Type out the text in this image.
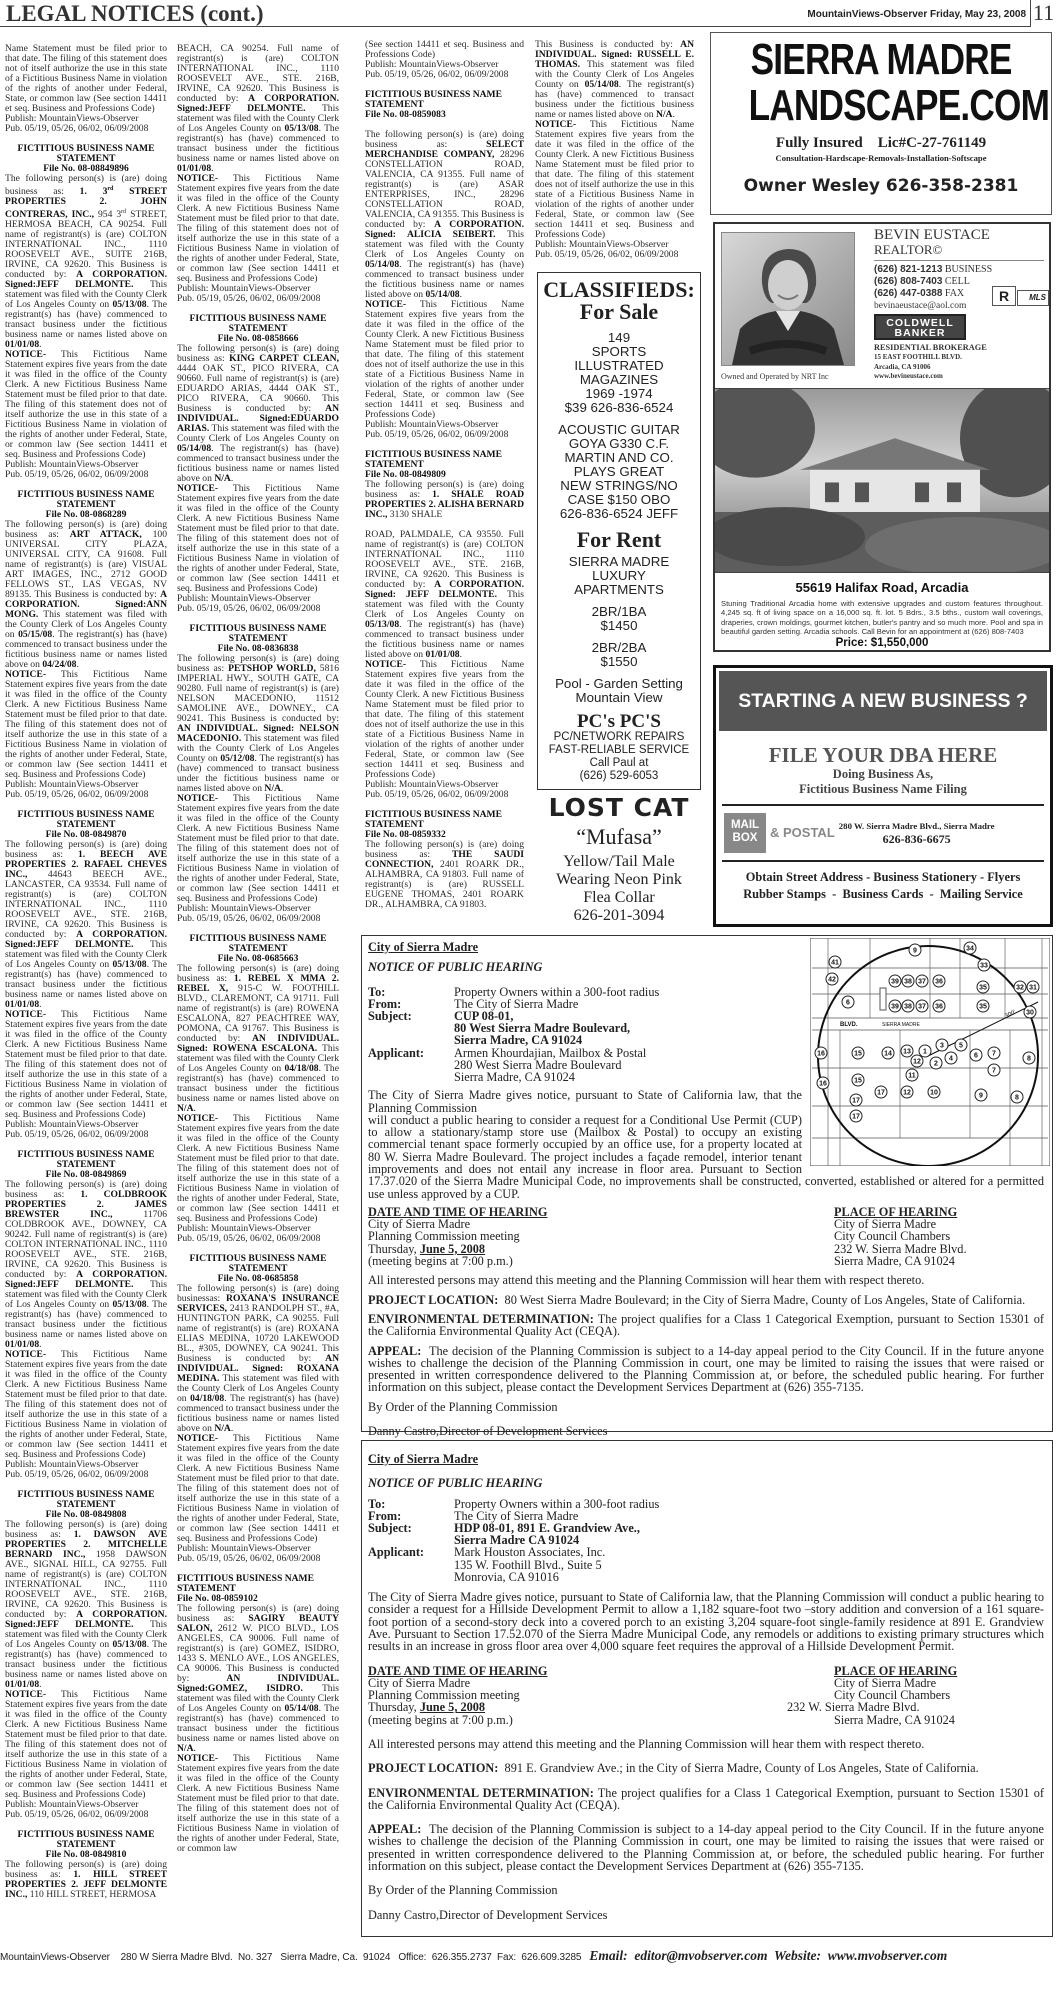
LEGAL NOTICES (cont.)	MountainViews-Observer Friday, May 23, 2008 11
Name Statement must be filed prior to that date. The filing of this statement does not of itself authorize the use in this state of a Fictitious Business Name in violation of the rights of another under Federal, State, or common law (See section 14411 et seq. Business and Professions Code)
Publish: MountainViews-Observer
Pub. 05/19, 05/26, 06/02, 06/09/2008
FICTITIOUS BUSINESS NAME
STATEMENT
File No. 08-08849896
The following person(s) is (are) doing business as: 1. 3rd STREET PROPERTIES 2. JOHN CONTRERAS, INC., 954 3rd STREET, HERMOSA BEACH, CA 90254. Full name of registrant(s) is (are) COLTON INTERNATIONAL INC., 1110 ROOSEVELT AVE., SUITE 216B, IRVINE, CA 92620. This Business is conducted by: A CORPORATION. Signed:JEFF DELMONTE. This statement was filed with the County Clerk of Los Angeles County on 05/13/08. The registrant(s) has (have) commenced to transact business under the fictitious business name or names listed above on 01/01/08.
NOTICE- This Fictitious Name Statement expires five years from the date it was filed in the office of the County Clerk. A new Fictitious Business Name Statement must be filed prior to that date. The filing of this statement does not of itself authorize the use in this state of a Fictitious Business Name in violation of the rights of another under Federal, State, or common law (See section 14411 et seq. Business and Professions Code)
Publish: MountainViews-Observer
Pub. 05/19, 05/26, 06/02, 06/09/2008
FICTITIOUS BUSINESS NAME
STATEMENT
File No. 08-0868289
The following person(s) is (are) doing business as: ART ATTACK, 100 UNIVERSAL CITY PLAZA, UNIVERSAL CITY, CA 91608. Full name of registrant(s) is (are) VISUAL ART IMAGES, INC., 2712 GOOD FELLOWS ST., LAS VEGAS, NV 89135. This Business is conducted by: A CORPORATION. Signed:ANN MONG. This statement was filed with the County Clerk of Los Angeles County on 05/15/08. The registrant(s) has (have) commenced to transact business under the fictitious business name or names listed above on 04/24/08.
NOTICE- This Fictitious Name Statement expires five years from the date it was filed in the office of the County Clerk. A new Fictitious Business Name Statement must be filed prior to that date. The filing of this statement does not of itself authorize the use in this state of a Fictitious Business Name in violation of the rights of another under Federal, State, or common law (See section 14411 et seq. Business and Professions Code)
Publish: MountainViews-Observer
Pub. 05/19, 05/26, 06/02, 06/09/2008
FICTITIOUS BUSINESS NAME
STATEMENT
File No. 08-0849870
The following person(s) is (are) doing business as: 1. BEECH AVE PROPERTIES 2. RAFAEL CHEVES INC., 44643 BEECH AVE., LANCASTER, CA 93534. Full name of registrant(s) is (are) COLTON INTERNATIONAL INC., 1110 ROOSEVELT AVE., STE. 216B, IRVINE, CA 92620. This Business is conducted by: A CORPORATION. Signed:JEFF DELMONTE. This statement was filed with the County Clerk of Los Angeles County on 05/13/08. The registrant(s) has (have) commenced to transact business under the fictitious business name or names listed above on 01/01/08.
NOTICE- This Fictitious Name Statement expires five years from the date it was filed in the office of the County Clerk. A new Fictitious Business Name Statement must be filed prior to that date. The filing of this statement does not of itself authorize the use in this state of a Fictitious Business Name in violation of the rights of another under Federal, State, or common law (See section 14411 et seq. Business and Professions Code)
Publish: MountainViews-Observer
Pub. 05/19, 05/26, 06/02, 06/09/2008
FICTITIOUS BUSINESS NAME
STATEMENT
File No. 08-0849869
The following person(s) is (are) doing business as: 1. COLDBROOK PROPERTIES 2. JAMES BREWSTER INC., 11706 COLDBROOK AVE., DOWNEY, CA 90242. Full name of registrant(s) is (are) COLTON INTERNATIONAL INC., 1110 ROOSEVELT AVE., STE. 216B, IRVINE, CA 92620. This Business is conducted by: A CORPORATION. Signed:JEFF DELMONTE. This statement was filed with the County Clerk of Los Angeles County on 05/13/08. The registrant(s) has (have) commenced to transact business under the fictitious business name or names listed above on 01/01/08.
NOTICE- This Fictitious Name Statement expires five years from the date it was filed in the office of the County Clerk. A new Fictitious Business Name Statement must be filed prior to that date. The filing of this statement does not of itself authorize the use in this state of a Fictitious Business Name in violation of the rights of another under Federal, State, or common law (See section 14411 et seq. Business and Professions Code)
Publish: MountainViews-Observer
Pub. 05/19, 05/26, 06/02, 06/09/2008
FICTITIOUS BUSINESS NAME
STATEMENT
File No. 08-0849808
The following person(s) is (are) doing business as: 1. DAWSON AVE PROPERTIES 2. MITCHELLE BERNARD INC., 1958 DAWSON AVE., SIGNAL HILL, CA 92755. Full name of registrant(s) is (are) COLTON INTERNATIONAL INC., 1110 ROOSEVELT AVE., STE. 216B, IRVINE, CA 92620. This Business is conducted by: A CORPORATION. Signed:JEFF DELMONTE. This statement was filed with the County Clerk of Los Angeles County on 05/13/08. The registrant(s) has (have) commenced to transact business under the fictitious business name or names listed above on 01/01/08.
NOTICE- This Fictitious Name Statement expires five years from the date it was filed in the office of the County Clerk. A new Fictitious Business Name Statement must be filed prior to that date. The filing of this statement does not of itself authorize the use in this state of a Fictitious Business Name in violation of the rights of another under Federal, State, or common law (See section 14411 et seq. Business and Professions Code)
Publish: MountainViews-Observer
Pub. 05/19, 05/26, 06/02, 06/09/2008
FICTITIOUS BUSINESS NAME
STATEMENT
File No. 08-0849810
The following person(s) is (are) doing business as: 1. HILL STREET PROPERTIES 2. JEFF DELMONTE INC., 110 HILL STREET, HERMOSA
BEACH, CA 90254. Full name of registrant(s) is (are) COLTON INTERNATIONAL INC., 1110 ROOSEVELT AVE., STE. 216B, IRVINE, CA 92620. This Business is conducted by: A CORPORATION. Signed:JEFF DELMONTE. This statement was filed with the County Clerk of Los Angeles County on 05/13/08. The registrant(s) has (have) commenced to transact business under the fictitious business name or names listed above on 01/01/08.
NOTICE- This Fictitious Name Statement expires five years from the date it was filed in the office of the County Clerk. A new Fictitious Business Name Statement must be filed prior to that date. The filing of this statement does not of itself authorize the use in this state of a Fictitious Business Name in violation of the rights of another under Federal, State, or common law (See section 14411 et seq. Business and Professions Code)
Publish: MountainViews-Observer
Pub. 05/19, 05/26, 06/02, 06/09/2008
FICTITIOUS BUSINESS NAME
STATEMENT
File No. 08-0858666
The following person(s) is (are) doing business as: KING CARPET CLEAN, 4444 OAK ST., PICO RIVERA, CA 90660. Full name of registrant(s) is (are) EDUARDO ARIAS, 4444 OAK ST., PICO RIVERA, CA 90660. This Business is conducted by: AN INDIVIDUAL. Signed:EDUARDO ARIAS. This statement was filed with the County Clerk of Los Angeles County on 05/14/08. The registrant(s) has (have) commenced to transact business under the fictitious business name or names listed above on N/A.
NOTICE- This Fictitious Name Statement expires five years from the date it was filed in the office of the County Clerk. A new Fictitious Business Name Statement must be filed prior to that date. The filing of this statement does not of itself authorize the use in this state of a Fictitious Business Name in violation of the rights of another under Federal, State, or common law (See section 14411 et seq. Business and Professions Code)
Publish: MountainViews-Observer
Pub. 05/19, 05/26, 06/02, 06/09/2008
FICTITIOUS BUSINESS NAME
STATEMENT
File No. 08-0836838
The following person(s) is (are) doing business as: PETSHOP WORLD, 5816 IMPERIAL HWY., SOUTH GATE, CA 90280. Full name of registrant(s) is (are) NELSON MACEDONIO, 11512 SAMOLINE AVE., DOWNEY., CA 90241. This Business is conducted by: AN INDIVIDUAL. Signed: NELSON MACEDONIO. This statement was filed with the County Clerk of Los Angeles County on 05/12/08. The registrant(s) has (have) commenced to transact business under the fictitious business name or names listed above on N/A.
NOTICE- This Fictitious Name Statement expires five years from the date it was filed in the office of the County Clerk. A new Fictitious Business Name Statement must be filed prior to that date. The filing of this statement does not of itself authorize the use in this state of a Fictitious Business Name in violation of the rights of another under Federal, State, or common law (See section 14411 et seq. Business and Professions Code)
Publish: MountainViews-Observer
Pub. 05/19, 05/26, 06/02, 06/09/2008
FICTITIOUS BUSINESS NAME
STATEMENT
File No. 08-0685663
The following person(s) is (are) doing business as: 1. REBEL X MMA 2. REBEL X, 915-C W. FOOTHILL BLVD., CLAREMONT, CA 91711. Full name of registrant(s) is (are) ROWENA ESCALONA, 827 PEACHTREE WAY, POMONA, CA 91767. This Business is conducted by: AN INDIVIDUAL. Signed: ROWENA ESCALONA. This statement was filed with the County Clerk of Los Angeles County on 04/18/08. The registrant(s) has (have) commenced to transact business under the fictitious business name or names listed above on N/A.
NOTICE- This Fictitious Name Statement expires five years from the date it was filed in the office of the County Clerk. A new Fictitious Business Name Statement must be filed prior to that date. The filing of this statement does not of itself authorize the use in this state of a Fictitious Business Name in violation of the rights of another under Federal, State, or common law (See section 14411 et seq. Business and Professions Code)
Publish: MountainViews-Observer
Pub. 05/19, 05/26, 06/02, 06/09/2008
FICTITIOUS BUSINESS NAME
STATEMENT
File No. 08-0685858
The following person(s) is (are) doing businessas: ROXANA'S INSURANCE SERVICES, 2413 RANDOLPH ST., #A, HUNTINGTON PARK, CA 90255. Full name of registrant(s) is (are) ROXANA ELIAS MEDINA, 10720 LAKEWOOD BL., #305, DOWNEY, CA 90241. This Business is conducted by: AN INDIVIDUAL. Signed: ROXANA MEDINA. This statement was filed with the County Clerk of Los Angeles County on 04/18/08. The registrant(s) has (have) commenced to transact business under the fictitious business name or names listed above on N/A.
NOTICE- This Fictitious Name Statement expires five years from the date it was filed in the office of the County Clerk. A new Fictitious Business Name Statement must be filed prior to that date. The filing of this statement does not of itself authorize the use in this state of a Fictitious Business Name in violation of the rights of another under Federal, State, or common law (See section 14411 et seq. Business and Professions Code)
Publish: MountainViews-Observer
Pub. 05/19, 05/26, 06/02, 06/09/2008
FICTITIOUS BUSINESS NAME
STATEMENT
File No. 08-0859102
The following person(s) is (are) doing business as: SAGIRY BEAUTY SALON, 2612 W. PICO BLVD., LOS ANGELES, CA 90006. Full name of registrant(s) is (are) GOMEZ, ISIDRO, 1433 S. MENLO AVE., LOS ANGELES, CA 90006. This Business is conducted by: AN INDIVIDUAL. Signed:GOMEZ, ISIDRO. This statement was filed with the County Clerk of Los Angeles County on 05/14/08. The registrant(s) has (have) commenced to transact business under the fictitious business name or names listed above on N/A.
NOTICE- This Fictitious Name Statement expires five years from the date it was filed in the office of the County Clerk. A new Fictitious Business Name Statement must be filed prior to that date. The filing of this statement does not of itself authorize the use in this state of a Fictitious Business Name in violation of the rights of another under Federal, State, or common law
(See section 14411 et seq. Business and Professions Code)
Publish: MountainViews-Observer
Pub. 05/19, 05/26, 06/02, 06/09/2008
FICTITIOUS BUSINESS NAME
STATEMENT
File No. 08-0859083
The following person(s) is (are) doing business as: SELECT MERCHANDISE COMPANY, 28296 CONSTELLATION ROAD, VALENCIA, CA 91355. Full name of registrant(s) is (are) ASAR ENTERPRISES, INC., 28296 CONSTELLATION ROAD, VALENCIA, CA 91355. This Business is conducted by: A CORPORATION. Signed: ALICIA SEIBERT. This statement was filed with the County Clerk of Los Angeles County on 05/14/08. The registrant(s) has (have) commenced to transact business under the fictitious business name or names listed above on 05/14/08.
NOTICE- This Fictitious Name Statement expires five years from the date it was filed in the office of the County Clerk. A new Fictitious Business Name Statement must be filed prior to that date. The filing of this statement does not of itself authorize the use in this state of a Fictitious Business Name in violation of the rights of another under Federal, State, or common law (See section 14411 et seq. Business and Professions Code)
Publish: MountainViews-Observer
Pub. 05/19, 05/26, 06/02, 06/09/2008
FICTITIOUS BUSINESS NAME
STATEMENT
File No. 08-0849809
The following person(s) is (are) doing business as: 1. SHALE ROAD PROPERTIES 2. ALISHA BERNARD INC., 3130 SHALE
ROAD, PALMDALE, CA 93550. Full name of registrant(s) is (are) COLTON INTERNATIONAL INC., 1110 ROOSEVELT AVE., STE. 216B, IRVINE, CA 92620. This Business is conducted by: A CORPORATION. Signed: JEFF DELMONTE. This statement was filed with the County Clerk of Los Angeles County on 05/13/08. The registrant(s) has (have) commenced to transact business under the fictitious business name or names listed above on 01/01/08.
NOTICE- This Fictitious Name Statement expires five years from the date it was filed in the office of the County Clerk. A new Fictitious Business Name Statement must be filed prior to that date. The filing of this statement does not of itself authorize the use in this state of a Fictitious Business Name in violation of the rights of another under Federal, State, or common law (See section 14411 et seq. Business and Professions Code)
Publish: MountainViews-Observer
Pub. 05/19, 05/26, 06/02, 06/09/2008
FICTITIOUS BUSINESS NAME
STATEMENT
File No. 08-0859332
The following person(s) is (are) doing business as: THE SAUDI CONNECTION, 2401 ROARK DR., ALHAMBRA, CA 91803. Full name of registrant(s) is (are) RUSSELL EUGENE THOMAS, 2401 ROARK DR., ALHAMBRA, CA 91803.
This Business is conducted by: AN INDIVIDUAL. Signed: RUSSELL E. THOMAS. This statement was filed with the County Clerk of Los Angeles County on 05/14/08. The registrant(s) has (have) commenced to transact business under the fictitious business name or names listed above on N/A.
NOTICE- This Fictitious Name Statement expires five years from the date it was filed in the office of the County Clerk. A new Fictitious Business Name Statement must be filed prior to that date. The filing of this statement does not of itself authorize the use in this state of a Fictitious Business Name in violation of the rights of another under Federal, State, or common law (See section 14411 et seq. Business and Professions Code)
Publish: MountainViews-Observer
Pub. 05/19, 05/26, 06/02, 06/09/2008
CLASSIFIEDS:
For Sale
149
SPORTS
ILLUSTRATED
MAGAZINES
1969 -1974
$39 626-836-6524
ACOUSTIC GUITAR
GOYA G330 C.F.
MARTIN AND CO.
PLAYS GREAT
NEW STRINGS/NO
CASE $150 OBO
626-836-6524 JEFF
For Rent
SIERRA MADRE
LUXURY
APARTMENTS
2BR/1BA
$1450
2BR/2BA
$1550
Pool - Garden Setting
Mountain View
PC's PC'S
PC/NETWORK REPAIRS
FAST-RELIABLE SERVICE
Call Paul at
(626) 529-6053
LOST CAT
“Mufasa”
Yellow/Tail Male
Wearing Neon Pink
Flea Collar
626-201-3094
SIERRA MADRE
LANDSCAPE.COM
Fully Insured    Lic#C-27-761149
Consultation-Hardscape-Removals-Installation-Softscape
Owner Wesley 626-358-2381
Owned and Operated by NRT Inc
BEVIN EUSTACE
REALTOR©
(626) 821-1213 BUSINESS
(626) 808-7403 CELL
(626) 447-0388 FAX
bevinaeustace@aol.com
COLDWELL
BANKER
RESIDENTIAL BROKERAGE
15 EAST FOOTHILL BLVD.
Arcadia, CA 91006
www.bevineustace.com
R	MLS
55619 Halifax Road, Arcadia
Stuning Traditional Arcadia home with extensive upgrades and custom features throughout. 4,245 sq. ft of living space on a 16,000 sq. ft. lot. 5 Bdrs., 3.5 bths., custom wall coverings, draperies, crown moldings, gourmet kitchen, butler's pantry and so much more. Pool and spa in beautiful garden setting. Arcadia schools. Call Bevin for an appointment at (626) 808-7403
Price: $1,550,000
STARTING A NEW BUSINESS ?
FILE YOUR DBA HERE
Doing Business As,
Fictitious Business Name Filing
MAIL
BOX & POSTAL 280 W. Sierra Madre Blvd., Sierra Madre
626-836-6675
Obtain Street Address - Business Stationery - Flyers
Rubber Stamps  -  Business Cards  -  Mailing Service
9	34
33
41
42
6
39 38 37 36
35	32 31
30
39 38 37 36	35
16	15	14 13 1
3 5
6 7
8
12 2
4
7
16	15
11
17
17	12	10	9	8
17
BLVD.	SIERRA MADRE
300'
City of Sierra Madre
NOTICE OF PUBLIC HEARING
To:	Property Owners within a 300-foot radius
From:	The City of Sierra Madre
Subject:	CUP 08-01,
80 West Sierra Madre Boulevard,
Sierra Madre, CA 91024

Applicant:	Armen Khourdajian, Mailbox & Postal
280 West Sierra Madre Boulevard
Sierra Madre, CA 91024
The City of Sierra Madre gives notice, pursuant to State of California law, that the Planning Commission
will conduct a public hearing to consider a request for a Conditional Use Permit (CUP) to allow a stationary/stamp store use (Mailbox & Postal) to occupy an existing commercial tenant space formerly occupied by an office use, for a property located at 80 W. Sierra Madre Boulevard. The project includes a façade remodel, interior tenant improvements and does not entail any increase in floor area. Pursuant to Section 17.37.020 of the Sierra Madre Municipal Code, no improvements shall be constructed, converted, established or altered for a permitted use unless approved by a CUP.
DATE AND TIME OF HEARING
City of Sierra Madre
Planning Commission meeting
Thursday, June 5, 2008
(meeting begins at 7:00 p.m.)
PLACE OF HEARING
City of Sierra Madre
City Council Chambers
232 W. Sierra Madre Blvd.
Sierra Madre, CA 91024
All interested persons may attend this meeting and the Planning Commission will hear them with respect thereto.
PROJECT LOCATION: 80 West Sierra Madre Boulevard; in the City of Sierra Madre, County of Los Angeles, State of California.
ENVIRONMENTAL DETERMINATION: The project qualifies for a Class 1 Categorical Exemption, pursuant to Section 15301 of the California Environmental Quality Act (CEQA).
APPEAL: The decision of the Planning Commission is subject to a 14-day appeal period to the City Council. If in the future anyone wishes to challenge the decision of the Planning Commission in court, one may be limited to raising the issues that were raised or presented in written correspondence delivered to the Planning Commission at, or before, the scheduled public hearing. For further information on this subject, please contact the Development Services Department at (626) 355-7135.
By Order of the Planning Commission
Danny Castro,Director of Development Services
City of Sierra Madre
NOTICE OF PUBLIC HEARING
To:	Property Owners within a 300-foot radius
From:	The City of Sierra Madre
Subject:	HDP 08-01, 891 E. Grandview Ave.,
Sierra Madre CA 91024

Applicant:	Mark Houston Associates, Inc.
135 W. Foothill Blvd., Suite 5
Monrovia, CA 91016
The City of Sierra Madre gives notice, pursuant to State of California law, that the Planning Commission will conduct a public hearing to consider a request for a Hillside Development Permit to allow a 1,182 square-foot two –story addition and conversion of a 161 square-foot portion of a second-story deck into a covered porch to an existing 3,204 square-foot single-family residence at 891 E. Grandview Ave. Pursuant to Section 17.52.070 of the Sierra Madre Municipal Code, any remodels or additions to existing primary structures which results in an increase in gross floor area over 4,000 square feet requires the approval of a Hillside Development Permit.
DATE AND TIME OF HEARING
City of Sierra Madre
Planning Commission meeting
Thursday, June 5, 2008
(meeting begins at 7:00 p.m.)
PLACE OF HEARING
City of Sierra Madre
City Council Chambers
232 W. Sierra Madre Blvd.
Sierra Madre, CA 91024
All interested persons may attend this meeting and the Planning Commission will hear them with respect thereto.
PROJECT LOCATION: 891 E. Grandview Ave.; in the City of Sierra Madre, County of Los Angeles, State of California.
ENVIRONMENTAL DETERMINATION: The project qualifies for a Class 1 Categorical Exemption, pursuant to Section 15301 of the California Environmental Quality Act (CEQA).
APPEAL: The decision of the Planning Commission is subject to a 14-day appeal period to the City Council. If in the future anyone wishes to challenge the decision of the Planning Commission in court, one may be limited to raising the issues that were raised or presented in written correspondence delivered to the Planning Commission at, or before, the scheduled public hearing. For further information on this subject, please contact the Development Services Department at (626) 355-7135.
By Order of the Planning Commission
Danny Castro,Director of Development Services
MountainViews-Observer    280 W Sierra Madre Blvd.  No. 327   Sierra Madre, Ca.  91024   Office:  626.355.2737  Fax:  626.609.3285 Email:  editor@mvobserver.com  Website:  www.mvobserver.com
